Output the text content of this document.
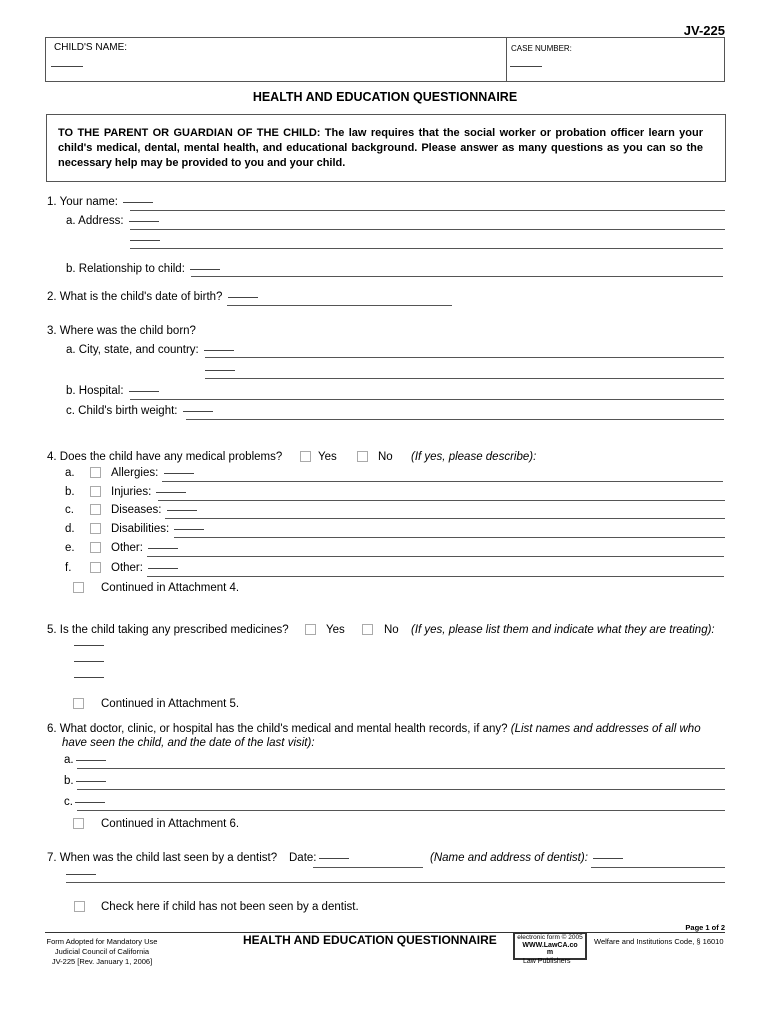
JV-225
CHILD'S NAME:	CASE NUMBER:
HEALTH AND EDUCATION QUESTIONNAIRE
TO THE PARENT OR GUARDIAN OF THE CHILD: The law requires that the social worker or probation officer learn your child's medical, dental, mental health, and educational background. Please answer as many questions as you can so the necessary help may be provided to you and your child.
1. Your name:
a. Address:
b. Relationship to child:
2. What is the child's date of birth?
3. Where was the child born?
a. City, state, and country:
b. Hospital:
c. Child's birth weight:
4. Does the child have any medical problems?	Yes	No (If yes, please describe):
a.	Allergies:
b.	Injuries:
c.	Diseases:
d.	Disabilities:
e.	Other:
f.	Other:
Continued in Attachment 4.
5. Is the child taking any prescribed medicines?	Yes	No (If yes, please list them and indicate what they are treating):
Continued in Attachment 5.
6. What doctor, clinic, or hospital has the child's medical and mental health records, if any? (List names and addresses of all who
have seen the child, and the date of the last visit):
a.
b.
c.
Continued in Attachment 6.
7. When was the child last seen by a dentist? Date:	(Name and address of dentist):
Check here if child has not been seen by a dentist.
Page 1 of 2
Form Adopted for Mandatory Use
Judicial Council of California
JV-225 [Rev. January 1, 2006]
HEALTH AND EDUCATION QUESTIONNAIRE	electronic form © 2005
WWW.LawCA.co
m
Law Publishers
Welfare and Institutions Code, § 16010
